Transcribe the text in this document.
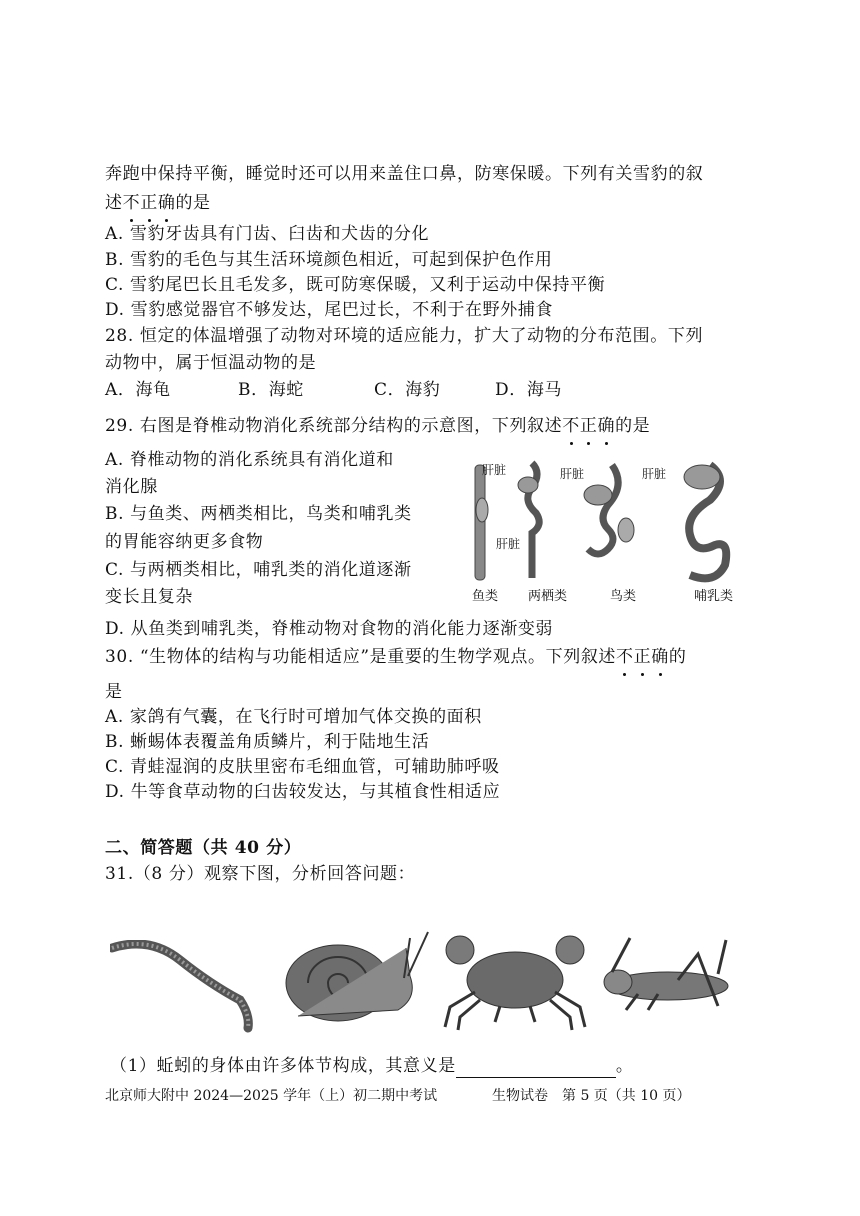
奔跑中保持平衡，睡觉时还可以用来盖住口鼻，防寒保暖。下列有关雪豹的叙
述不正确的是
A. 雪豹牙齿具有门齿、臼齿和犬齿的分化
B. 雪豹的毛色与其生活环境颜色相近，可起到保护色作用
C. 雪豹尾巴长且毛发多，既可防寒保暖，又利于运动中保持平衡
D. 雪豹感觉器官不够发达，尾巴过长，不利于在野外捕食
28. 恒定的体温增强了动物对环境的适应能力，扩大了动物的分布范围。下列
动物中，属于恒温动物的是
A．海龟	B．海蛇	C．海豹	D．海马
29. 右图是脊椎动物消化系统部分结构的示意图，下列叙述不正确的是
A. 脊椎动物的消化系统具有消化道和
消化腺
B. 与鱼类、两栖类相比，鸟类和哺乳类
的胃能容纳更多食物
C. 与两栖类相比，哺乳类的消化道逐渐
变长且复杂
D. 从鱼类到哺乳类，脊椎动物对食物的消化能力逐渐变弱
肝脏	肝脏	肝脏
肝脏
鱼类 两栖类	鸟类	哺乳类
30. “生物体的结构与功能相适应”是重要的生物学观点。下列叙述不正确的
是
A. 家鸽有气囊，在飞行时可增加气体交换的面积
B. 蜥蜴体表覆盖角质鳞片，利于陆地生活
C. 青蛙湿润的皮肤里密布毛细血管，可辅助肺呼吸
D. 牛等食草动物的臼齿较发达，与其植食性相适应
二、简答题（共 40 分）
31.（8 分）观察下图，分析回答问题：
（1）蚯蚓的身体由许多体节构成，其意义是	。
北京师大附中 2024—2025 学年（上）初二期中考试	生物试卷　第 5 页（共 10 页）
